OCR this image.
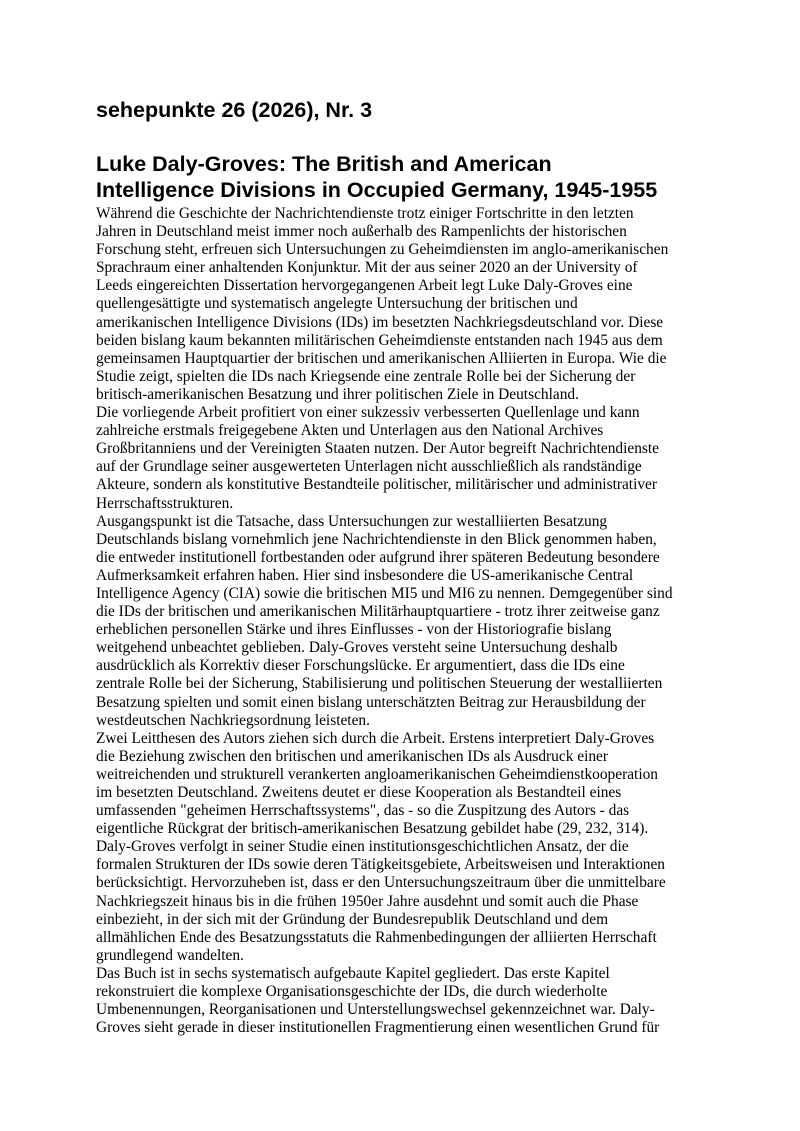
sehepunkte 26 (2026), Nr. 3
Luke Daly-Groves: The British and American
Intelligence Divisions in Occupied Germany, 1945-1955

Während die Geschichte der Nachrichtendienste trotz einiger Fortschritte in den letzten
Jahren in Deutschland meist immer noch außerhalb des Rampenlichts der historischen
Forschung steht, erfreuen sich Untersuchungen zu Geheimdiensten im anglo-amerikanischen
Sprachraum einer anhaltenden Konjunktur. Mit der aus seiner 2020 an der University of
Leeds eingereichten Dissertation hervorgegangenen Arbeit legt Luke Daly-Groves eine
quellengesättigte und systematisch angelegte Untersuchung der britischen und
amerikanischen Intelligence Divisions (IDs) im besetzten Nachkriegsdeutschland vor. Diese
beiden bislang kaum bekannten militärischen Geheimdienste entstanden nach 1945 aus dem
gemeinsamen Hauptquartier der britischen und amerikanischen Alliierten in Europa. Wie die
Studie zeigt, spielten die IDs nach Kriegsende eine zentrale Rolle bei der Sicherung der
britisch-amerikanischen Besatzung und ihrer politischen Ziele in Deutschland.

Die vorliegende Arbeit profitiert von einer sukzessiv verbesserten Quellenlage und kann
zahlreiche erstmals freigegebene Akten und Unterlagen aus den National Archives
Großbritanniens und der Vereinigten Staaten nutzen. Der Autor begreift Nachrichtendienste
auf der Grundlage seiner ausgewerteten Unterlagen nicht ausschließlich als randständige
Akteure, sondern als konstitutive Bestandteile politischer, militärischer und administrativer
Herrschaftsstrukturen.

Ausgangspunkt ist die Tatsache, dass Untersuchungen zur westalliierten Besatzung
Deutschlands bislang vornehmlich jene Nachrichtendienste in den Blick genommen haben,
die entweder institutionell fortbestanden oder aufgrund ihrer späteren Bedeutung besondere
Aufmerksamkeit erfahren haben. Hier sind insbesondere die US-amerikanische Central
Intelligence Agency (CIA) sowie die britischen MI5 und MI6 zu nennen. Demgegenüber sind
die IDs der britischen und amerikanischen Militärhauptquartiere - trotz ihrer zeitweise ganz
erheblichen personellen Stärke und ihres Einflusses - von der Historiografie bislang
weitgehend unbeachtet geblieben. Daly-Groves versteht seine Untersuchung deshalb
ausdrücklich als Korrektiv dieser Forschungslücke. Er argumentiert, dass die IDs eine
zentrale Rolle bei der Sicherung, Stabilisierung und politischen Steuerung der westalliierten
Besatzung spielten und somit einen bislang unterschätzten Beitrag zur Herausbildung der
westdeutschen Nachkriegsordnung leisteten.

Zwei Leitthesen des Autors ziehen sich durch die Arbeit. Erstens interpretiert Daly-Groves
die Beziehung zwischen den britischen und amerikanischen IDs als Ausdruck einer
weitreichenden und strukturell verankerten angloamerikanischen Geheimdienstkooperation
im besetzten Deutschland. Zweitens deutet er diese Kooperation als Bestandteil eines
umfassenden "geheimen Herrschaftssystems", das - so die Zuspitzung des Autors - das
eigentliche Rückgrat der britisch-amerikanischen Besatzung gebildet habe (29, 232, 314).

Daly-Groves verfolgt in seiner Studie einen institutionsgeschichtlichen Ansatz, der die
formalen Strukturen der IDs sowie deren Tätigkeitsgebiete, Arbeitsweisen und Interaktionen
berücksichtigt. Hervorzuheben ist, dass er den Untersuchungszeitraum über die unmittelbare
Nachkriegszeit hinaus bis in die frühen 1950er Jahre ausdehnt und somit auch die Phase
einbezieht, in der sich mit der Gründung der Bundesrepublik Deutschland und dem
allmählichen Ende des Besatzungsstatuts die Rahmenbedingungen der alliierten Herrschaft
grundlegend wandelten.

Das Buch ist in sechs systematisch aufgebaute Kapitel gegliedert. Das erste Kapitel
rekonstruiert die komplexe Organisationsgeschichte der IDs, die durch wiederholte
Umbenennungen, Reorganisationen und Unterstellungswechsel gekennzeichnet war. Daly-
Groves sieht gerade in dieser institutionellen Fragmentierung einen wesentlichen Grund für
